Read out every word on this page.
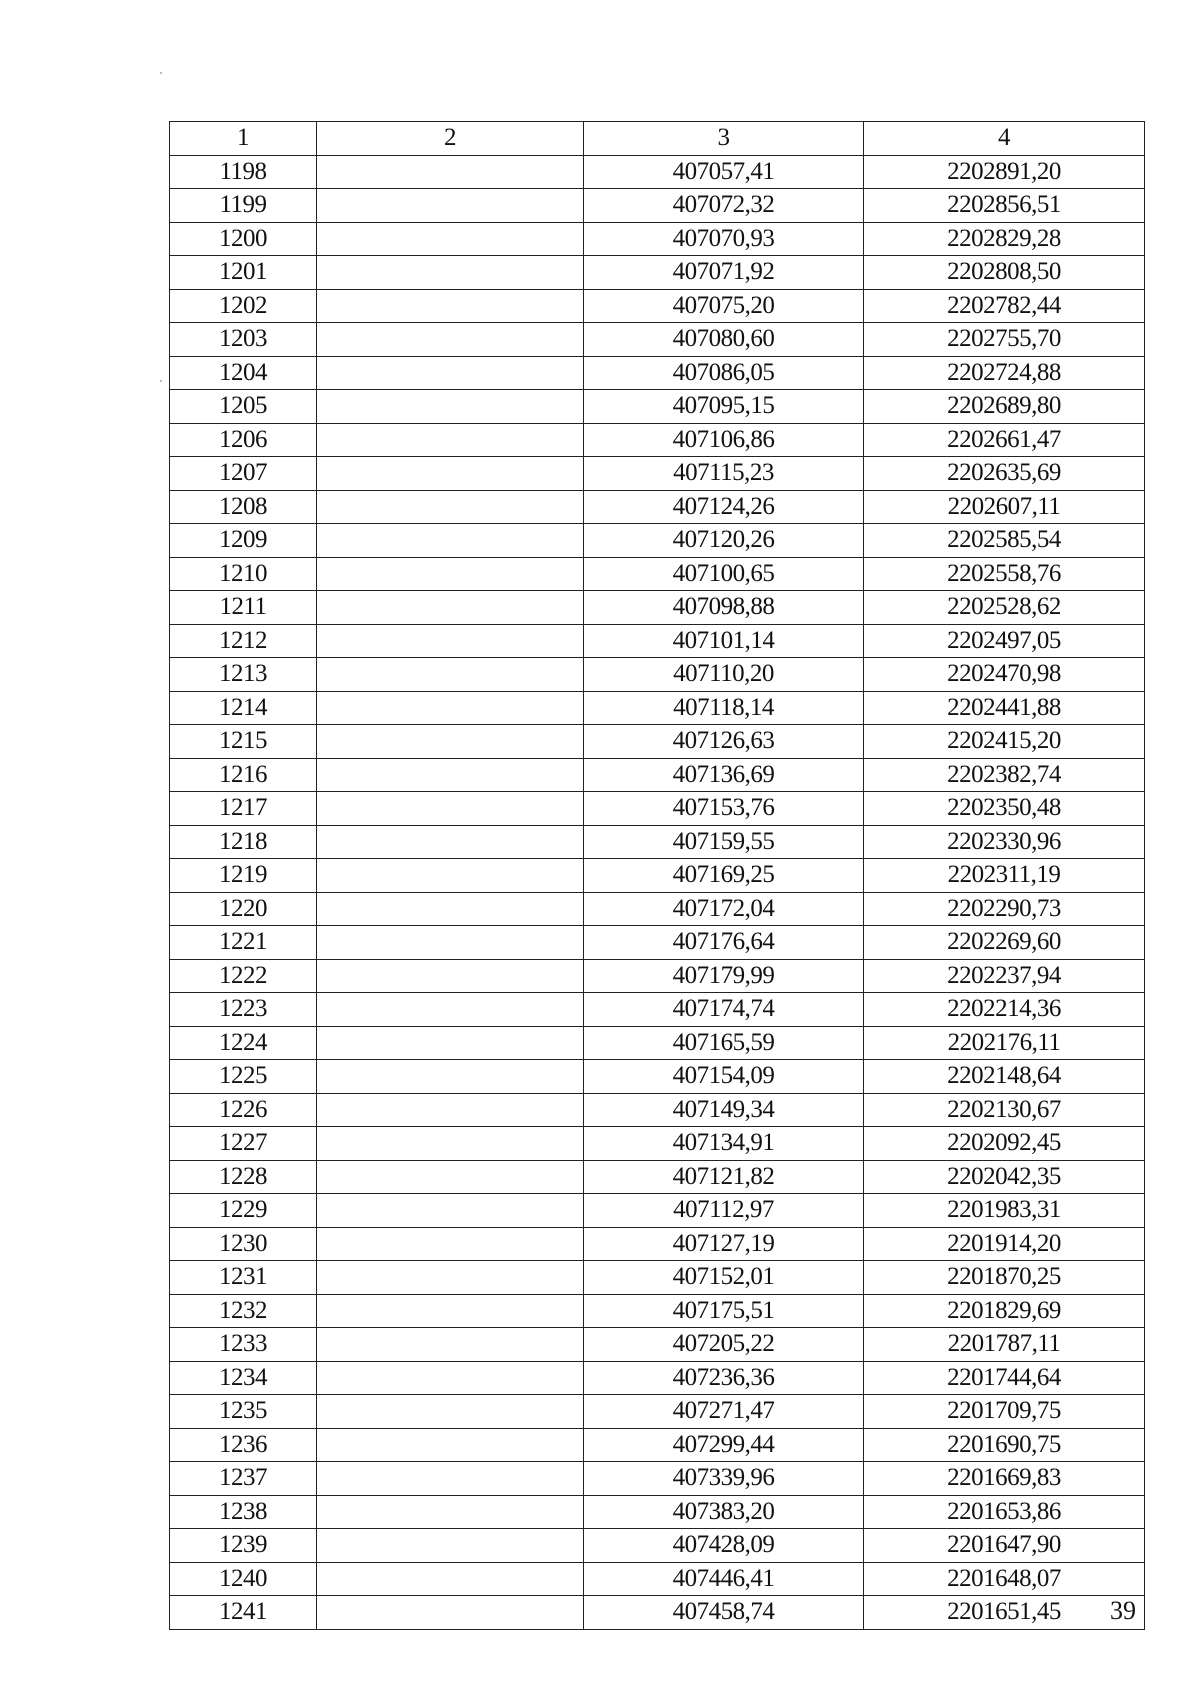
1	2	3	4
1198		407057,41	2202891,20
1199		407072,32	2202856,51
1200		407070,93	2202829,28
1201		407071,92	2202808,50
1202		407075,20	2202782,44
1203		407080,60	2202755,70
1204		407086,05	2202724,88
1205		407095,15	2202689,80
1206		407106,86	2202661,47
1207		407115,23	2202635,69
1208		407124,26	2202607,11
1209		407120,26	2202585,54
1210		407100,65	2202558,76
1211		407098,88	2202528,62
1212		407101,14	2202497,05
1213		407110,20	2202470,98
1214		407118,14	2202441,88
1215		407126,63	2202415,20
1216		407136,69	2202382,74
1217		407153,76	2202350,48
1218		407159,55	2202330,96
1219		407169,25	2202311,19
1220		407172,04	2202290,73
1221		407176,64	2202269,60
1222		407179,99	2202237,94
1223		407174,74	2202214,36
1224		407165,59	2202176,11
1225		407154,09	2202148,64
1226		407149,34	2202130,67
1227		407134,91	2202092,45
1228		407121,82	2202042,35
1229		407112,97	2201983,31
1230		407127,19	2201914,20
1231		407152,01	2201870,25
1232		407175,51	2201829,69
1233		407205,22	2201787,11
1234		407236,36	2201744,64
1235		407271,47	2201709,75
1236		407299,44	2201690,75
1237		407339,96	2201669,83
1238		407383,20	2201653,86
1239		407428,09	2201647,90
1240		407446,41	2201648,07
1241		407458,74	2201651,45 39
